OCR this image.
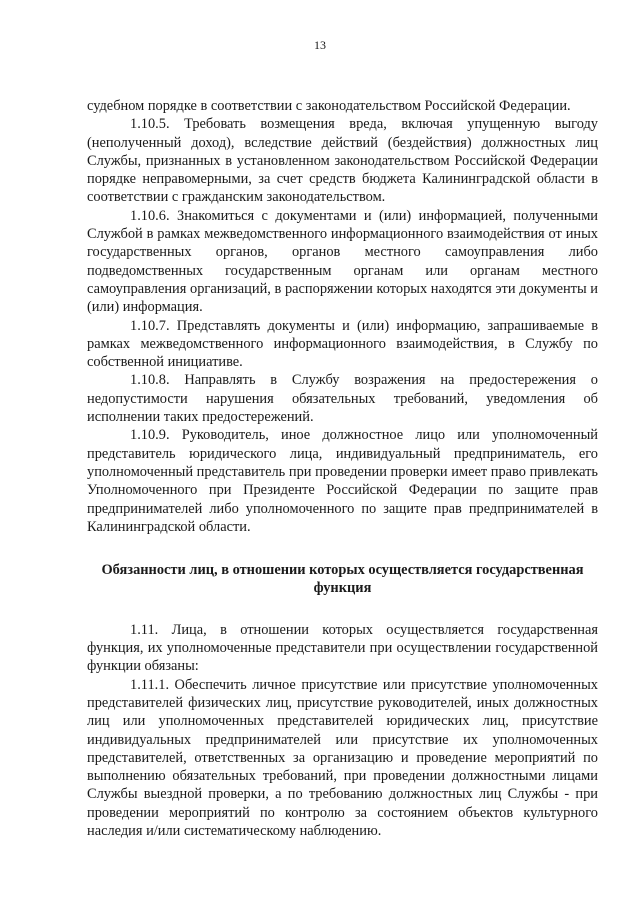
13

судебном порядке в соответствии с законодательством Российской Федерации.

1.10.5. Требовать возмещения вреда, включая упущенную выгоду (неполученный доход), вследствие действий (бездействия) должностных лиц Службы, признанных в установленном законодательством Российской Федерации порядке неправомерными, за счет средств бюджета Калининградской области в соответствии с гражданским законодательством.

1.10.6. Знакомиться с документами и (или) информацией, полученными Службой в рамках межведомственного информационного взаимодействия от иных государственных органов, органов местного самоуправления либо подведомственных государственным органам или органам местного самоуправления организаций, в распоряжении которых находятся эти документы и (или) информация.

1.10.7. Представлять документы и (или) информацию, запрашиваемые в рамках межведомственного информационного взаимодействия, в Службу по собственной инициативе.

1.10.8. Направлять в Службу возражения на предостережения о недопустимости нарушения обязательных требований, уведомления об исполнении таких предостережений.

1.10.9. Руководитель, иное должностное лицо или уполномоченный представитель юридического лица, индивидуальный предприниматель, его уполномоченный представитель при проведении проверки имеет право привлекать Уполномоченного при Президенте Российской Федерации по защите прав предпринимателей либо уполномоченного по защите прав предпринимателей в Калининградской области.

Обязанности лиц, в отношении которых осуществляется государственная функция

1.11. Лица, в отношении которых осуществляется государственная функция, их уполномоченные представители при осуществлении государственной функции обязаны:

1.11.1. Обеспечить личное присутствие или присутствие уполномоченных представителей физических лиц, присутствие руководителей, иных должностных лиц или уполномоченных представителей юридических лиц, присутствие индивидуальных предпринимателей или присутствие их уполномоченных представителей, ответственных за организацию и проведение мероприятий по выполнению обязательных требований, при проведении должностными лицами Службы выездной проверки, а по требованию должностных лиц Службы - при проведении мероприятий по контролю за состоянием объектов культурного наследия и/или систематическому наблюдению.
